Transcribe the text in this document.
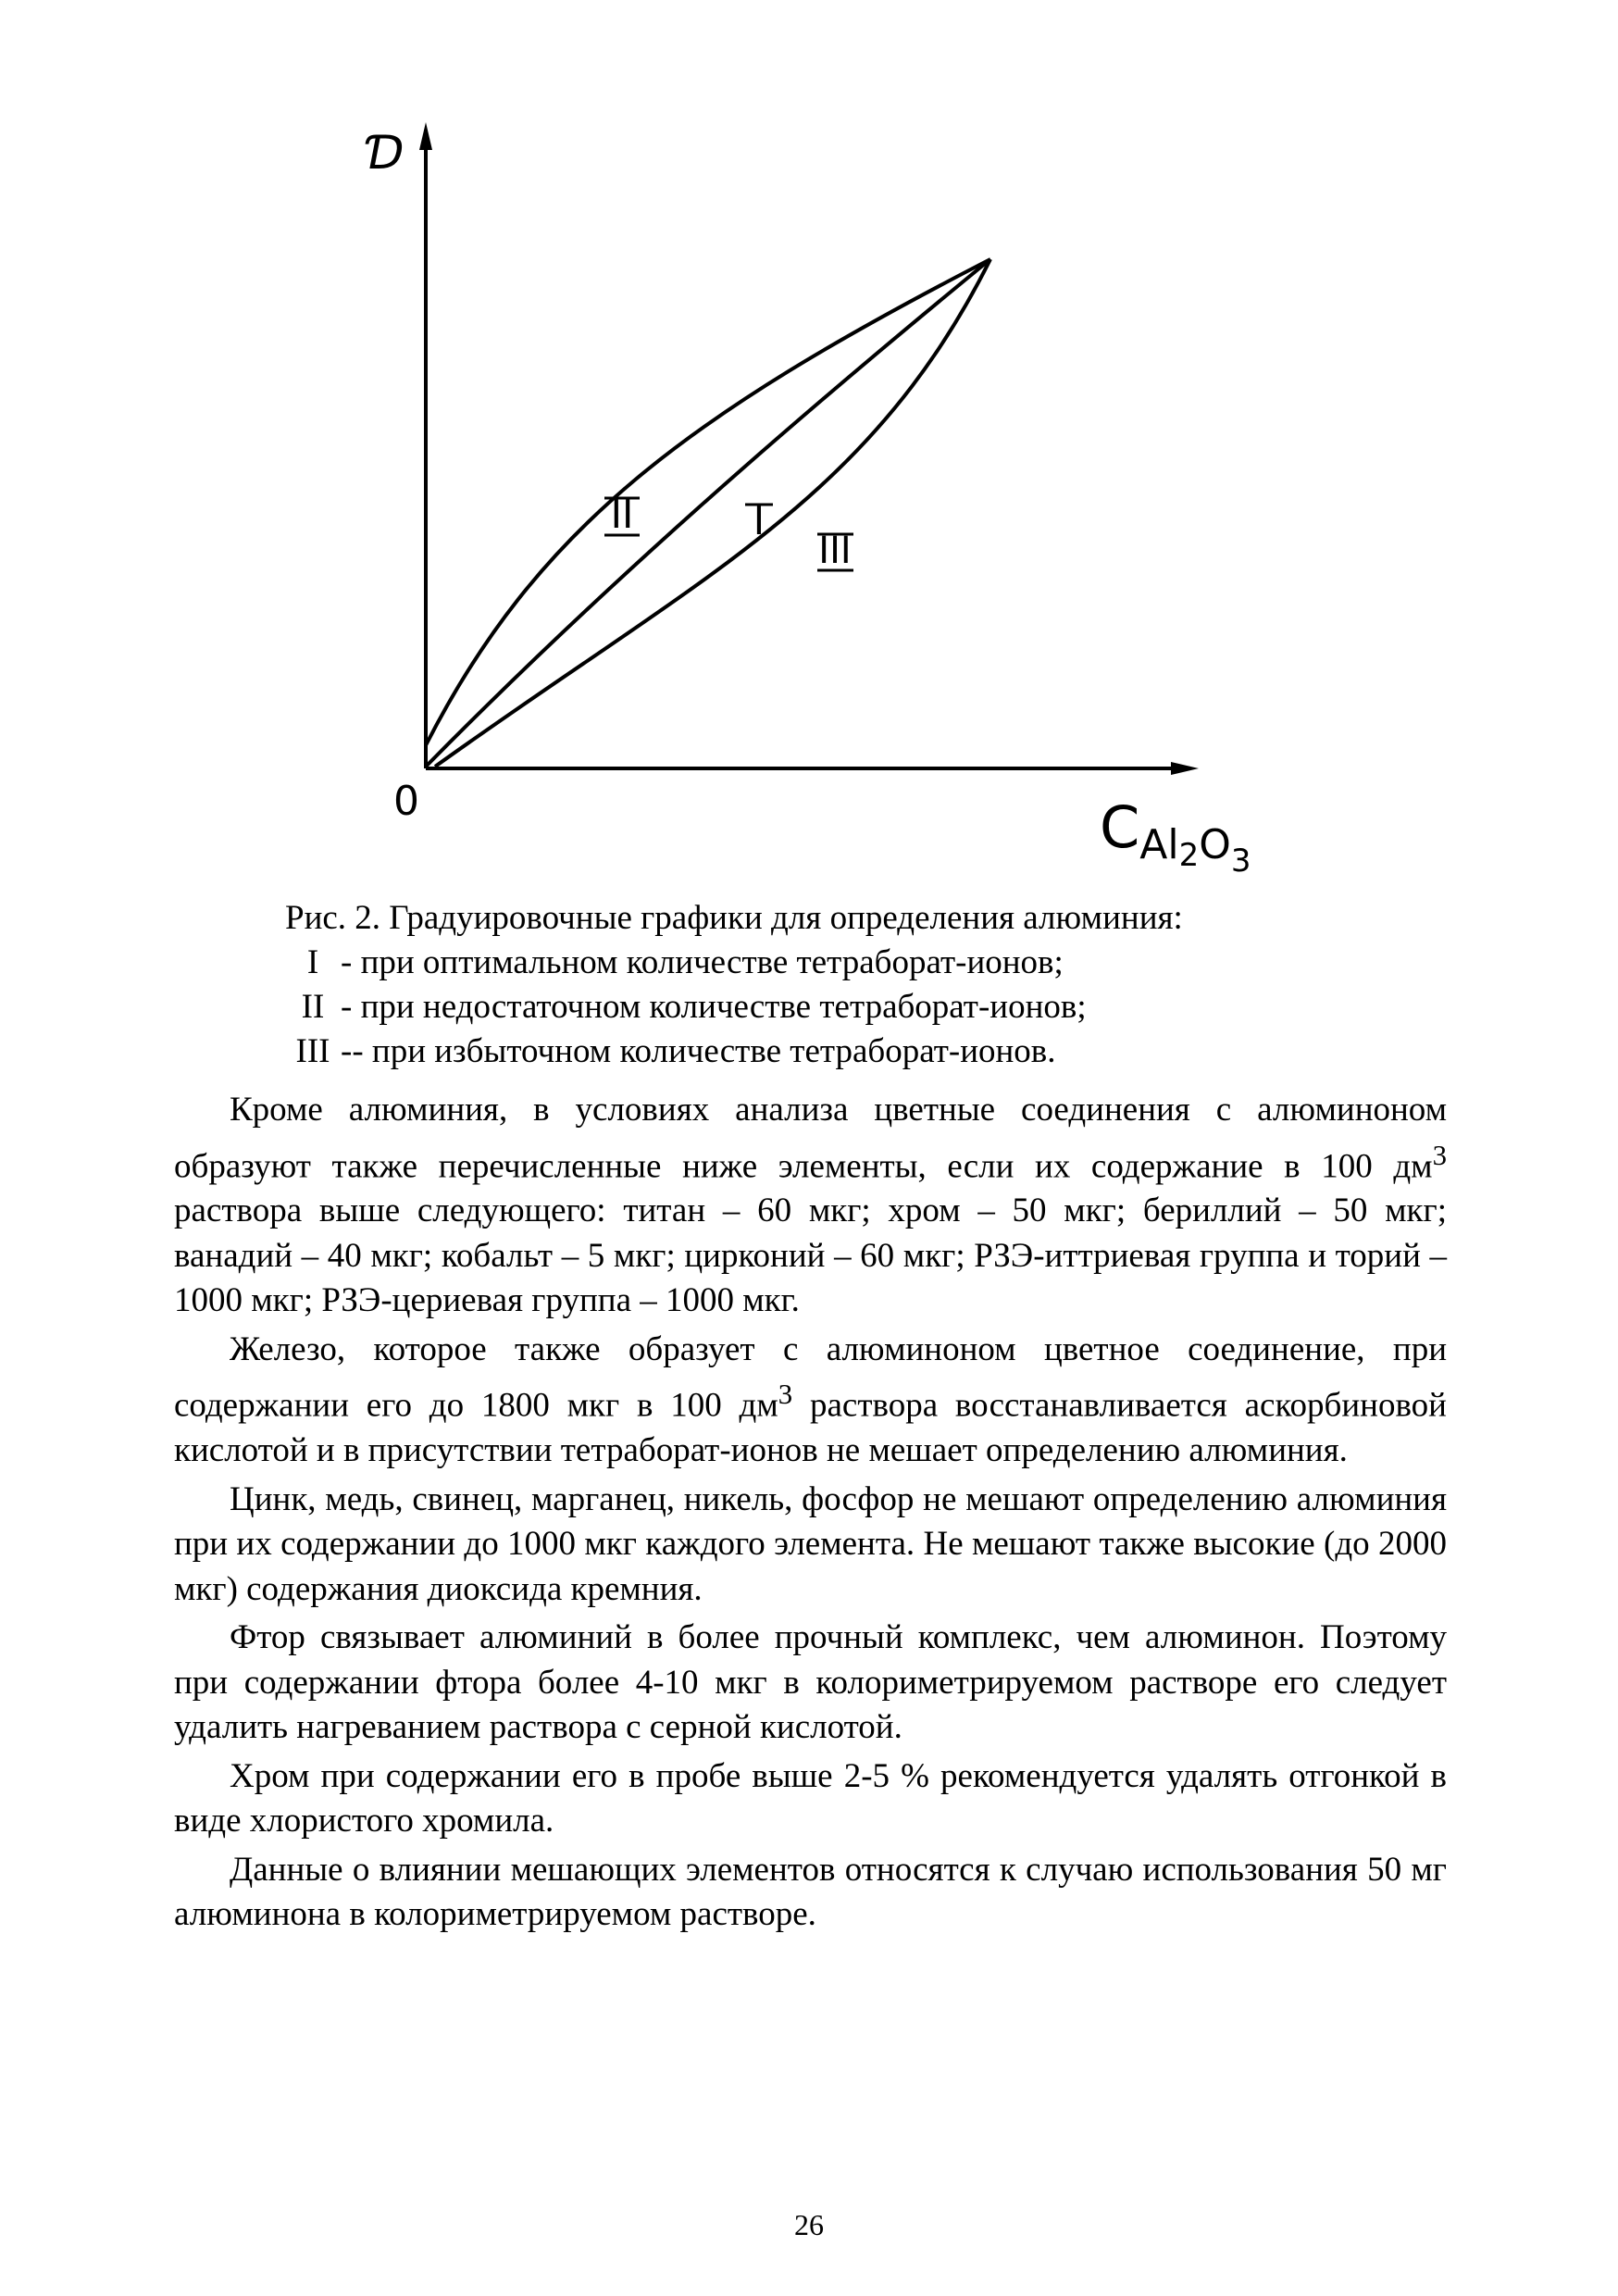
Ɗ
0	CAl2O3
II	I
III
Рис. 2. Градуировочные графики для определения алюминия:
I - при оптимальном количестве тетраборат-ионов;
II - при недостаточном количестве тетраборат-ионов;
III -- при избыточном количестве тетраборат-ионов.

Кроме алюминия, в условиях анализа цветные соединения с алюминоном образуют также перечисленные ниже элементы, если их содержание в 100 $дм^3$ раствора выше следующего: титан – 60 мкг; хром – 50 мкг; бериллий – 50 мкг; ванадий – 40 мкг; кобальт – 5 мкг; цирконий – 60 мкг; РЗЭ-иттриевая группа и торий – 1000 мкг; РЗЭ-цериевая группа – 1000 мкг.

Железо, которое также образует с алюминоном цветное соединение, при содержании его до 1800 мкг в 100 $дм^3$ раствора восстанавливается аскорбиновой кислотой и в присутствии тетраборат-ионов не мешает определению алюминия.

Цинк, медь, свинец, марганец, никель, фосфор не мешают определению алюминия при их содержании до 1000 мкг каждого элемента. Не мешают также высокие (до 2000 мкг) содержания диоксида кремния.

Фтор связывает алюминий в более прочный комплекс, чем алюминон. Поэтому при содержании фтора более 4-10 мкг в колориметрируемом растворе его следует удалить нагреванием раствора с серной кислотой.

Хром при содержании его в пробе выше 2-5 % рекомендуется удалять отгонкой в виде хлористого хромила.

Данные о влиянии мешающих элементов относятся к случаю использования 50 мг алюминона в колориметрируемом растворе.

26
